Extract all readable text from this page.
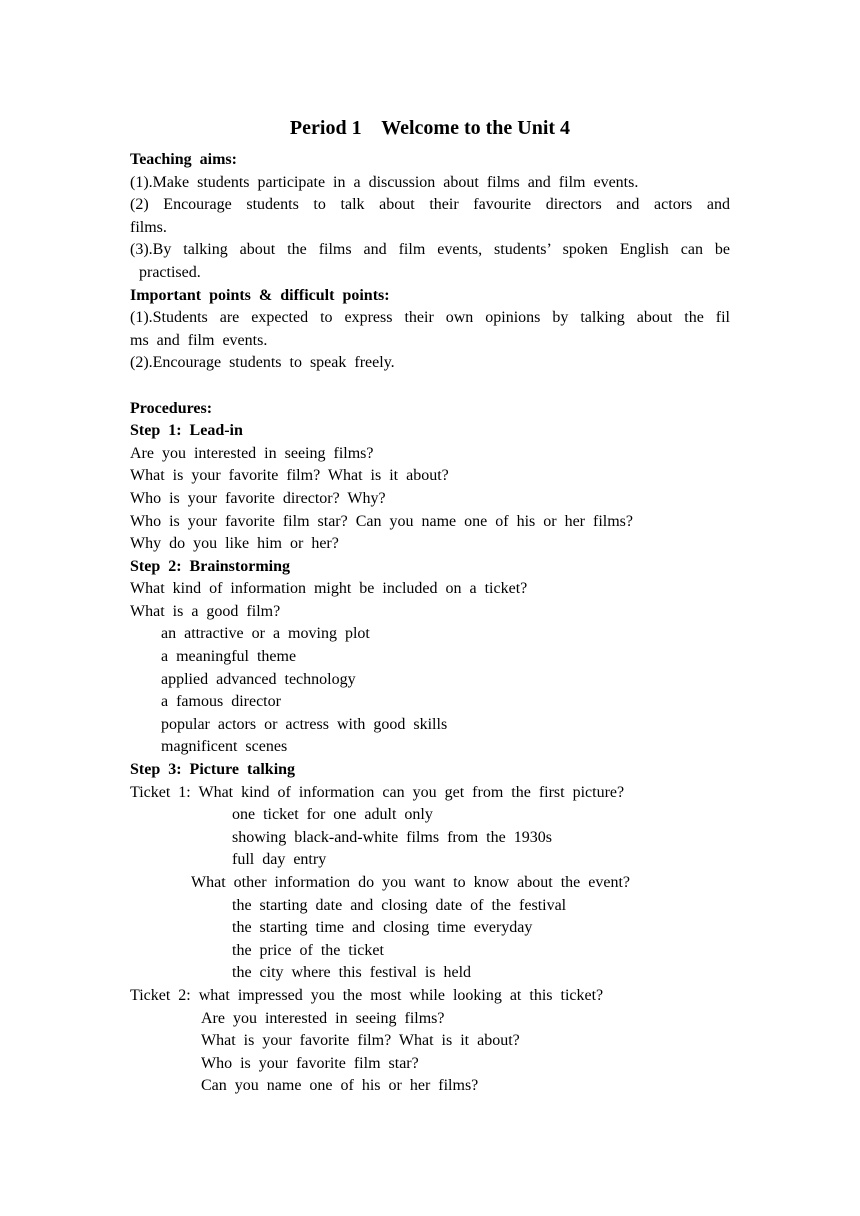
Period 1    Welcome to the Unit 4
Teaching aims:
(1).Make students participate in a discussion about films and film events.
(2) Encourage students to talk about their favourite directors and actors and
films.
(3).By talking about the films and film events, students’ spoken English can be
practised.
Important points & difficult points:
(1).Students are expected to express their own opinions by talking about the fil
ms and film events.
(2).Encourage students to speak freely.
Procedures:
Step 1: Lead-in
Are you interested in seeing films?
What is your favorite film? What is it about?
Who is your favorite director? Why?
Who is your favorite film star? Can you name one of his or her films?
Why do you like him or her?
Step 2: Brainstorming
What kind of information might be included on a ticket?
What is a good film?
an attractive or a moving plot
a meaningful theme
applied advanced technology
a famous director
popular actors or actress with good skills
magnificent scenes
Step 3: Picture talking
Ticket 1: What kind of information can you get from the first picture?
one ticket for one adult only
showing black-and-white films from the 1930s
full day entry
What other information do you want to know about the event?
the starting date and closing date of the festival
the starting time and closing time everyday
the price of the ticket
the city where this festival is held
Ticket 2: what impressed you the most while looking at this ticket?
Are you interested in seeing films?
What is your favorite film? What is it about?
Who is your favorite film star?
Can you name one of his or her films?
